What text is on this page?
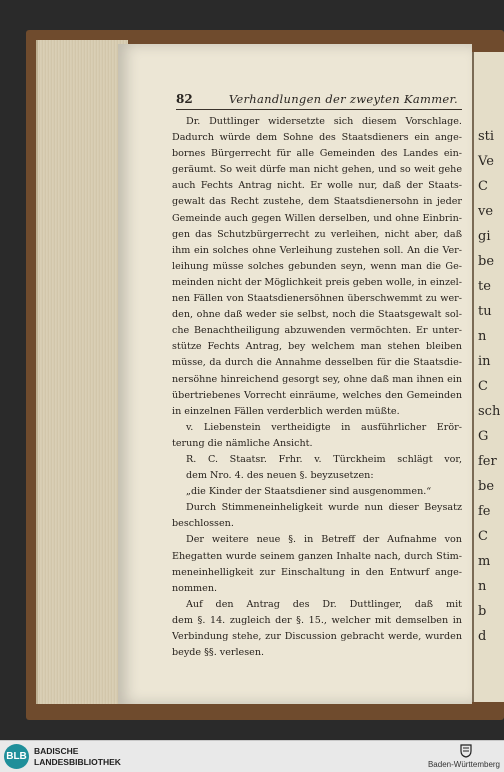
sti
Ve
C
ve
gi
be
te
tu
n
in
C
sch
G
fer
be
fe
C
m
n
b
d
82	Verhandlungen der zweyten Kammer.
Dr. Duttlinger widersetzte sich diesem Vorschlage.
Dadurch würde dem Sohne des Staatsdieners ein ange-
bornes Bürgerrecht für alle Gemeinden des Landes ein-
geräumt. So weit dürfe man nicht gehen, und so weit gehe
auch Fechts Antrag nicht. Er wolle nur, daß der Staats-
gewalt das Recht zustehe, dem Staatsdienersohn in jeder
Gemeinde auch gegen Willen derselben, und ohne Einbrin-
gen das Schutzbürgerrecht zu verleihen, nicht aber, daß
ihm ein solches ohne Verleihung zustehen soll. An die Ver-
leihung müsse solches gebunden seyn, wenn man die Ge-
meinden nicht der Möglichkeit preis geben wolle, in einzel-
nen Fällen von Staatsdienersöhnen überschwemmt zu wer-
den, ohne daß weder sie selbst, noch die Staatsgewalt sol-
che Benachtheiligung abzuwenden vermöchten. Er unter-
stütze Fechts Antrag, bey welchem man stehen bleiben
müsse, da durch die Annahme desselben für die Staatsdie-
nersöhne hinreichend gesorgt sey, ohne daß man ihnen ein
übertriebenes Vorrecht einräume, welches den Gemeinden
in einzelnen Fällen verderblich werden müßte.
v. Liebenstein vertheidigte in ausführlicher Erör-
terung die nämliche Ansicht.
R. C. Staatsr. Frhr. v. Türckheim schlägt vor,
dem Nro. 4. des neuen §. beyzusetzen:
„die Kinder der Staatsdiener sind ausgenommen.“
Durch Stimmeneinheligkeit wurde nun dieser Beysatz
beschlossen.
Der weitere neue §. in Betreff der Aufnahme von
Ehegatten wurde seinem ganzen Inhalte nach, durch Stim-
meneinhelligkeit zur Einschaltung in den Entwurf ange-
nommen.
Auf den Antrag des Dr. Duttlinger, daß mit
dem §. 14. zugleich der §. 15., welcher mit demselben in
Verbindung stehe, zur Discussion gebracht werde, wurden
beyde §§. verlesen.
BLB BADISCHE
LANDESBIBLIOTHEK	Baden-Württemberg
